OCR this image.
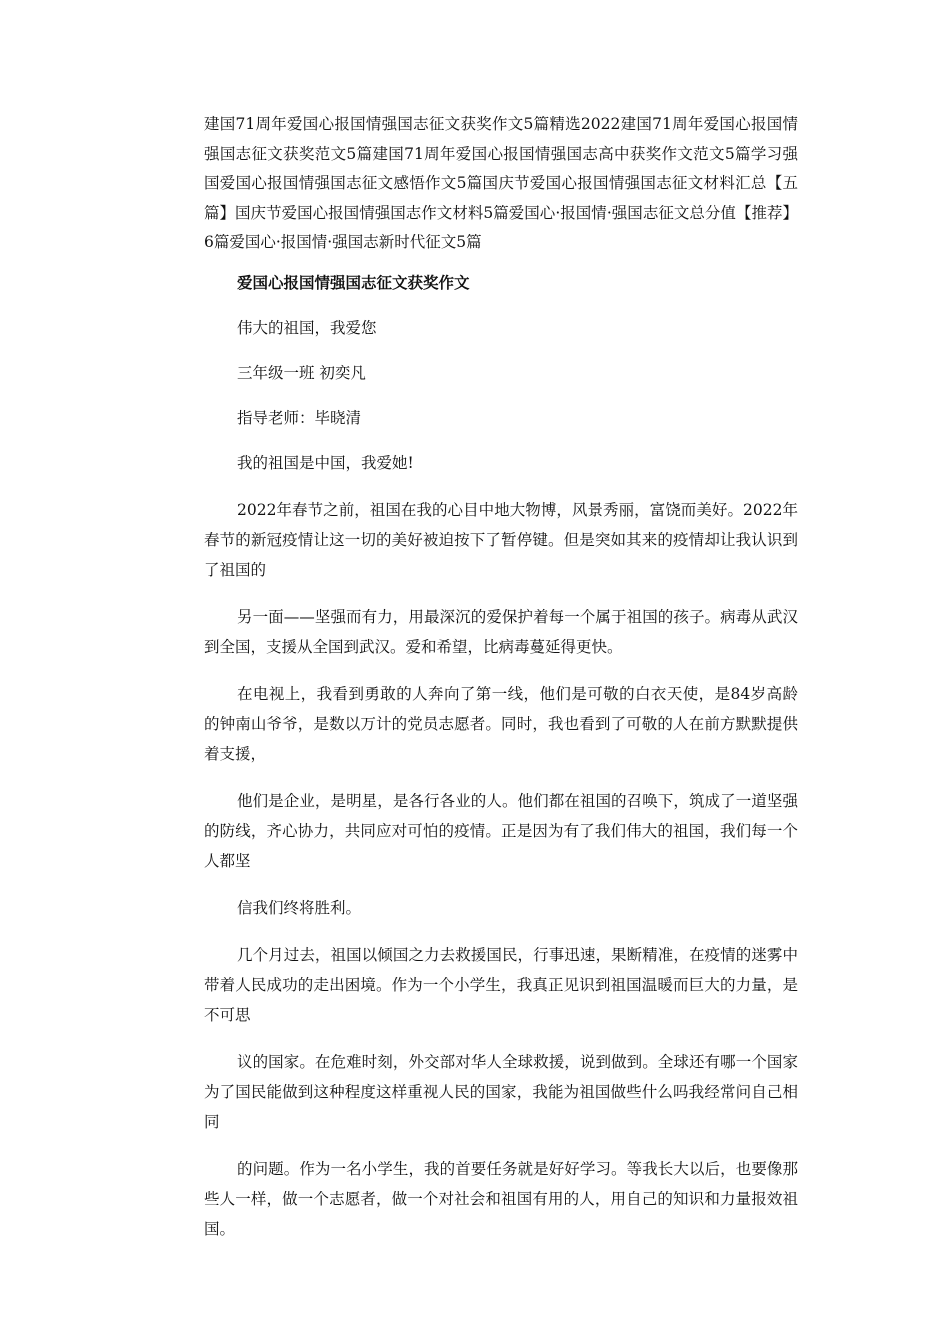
建国71周年爱国心报国情强国志征文获奖作文5篇精选2022建国71周年爱国心报国情强国志征文获奖范文5篇建国71周年爱国心报国情强国志高中获奖作文范文5篇学习强国爱国心报国情强国志征文感悟作文5篇国庆节爱国心报国情强国志征文材料汇总【五篇】国庆节爱国心报国情强国志作文材料5篇爱国心·报国情·强国志征文总分值【推荐】6篇爱国心·报国情·强国志新时代征文5篇

爱国心报国情强国志征文获奖作文

伟大的祖国，我爱您

三年级一班 初奕凡

指导老师：毕晓清

我的祖国是中国，我爱她!

2022年春节之前，祖国在我的心目中地大物博，风景秀丽，富饶而美好。2022年春节的新冠疫情让这一切的美好被迫按下了暂停键。但是突如其来的疫情却让我认识到了祖国的

另一面——坚强而有力，用最深沉的爱保护着每一个属于祖国的孩子。病毒从武汉到全国，支援从全国到武汉。爱和希望，比病毒蔓延得更快。

在电视上，我看到勇敢的人奔向了第一线，他们是可敬的白衣天使，是84岁高龄的钟南山爷爷，是数以万计的党员志愿者。同时，我也看到了可敬的人在前方默默提供着支援，

他们是企业，是明星，是各行各业的人。他们都在祖国的召唤下，筑成了一道坚强的防线，齐心协力，共同应对可怕的疫情。正是因为有了我们伟大的祖国，我们每一个人都坚

信我们终将胜利。

几个月过去，祖国以倾国之力去救援国民，行事迅速，果断精准，在疫情的迷雾中带着人民成功的走出困境。作为一个小学生，我真正见识到祖国温暖而巨大的力量，是不可思

议的国家。在危难时刻，外交部对华人全球救援，说到做到。全球还有哪一个国家为了国民能做到这种程度这样重视人民的国家，我能为祖国做些什么吗我经常问自己相同

的问题。作为一名小学生，我的首要任务就是好好学习。等我长大以后，也要像那些人一样，做一个志愿者，做一个对社会和祖国有用的人，用自己的知识和力量报效祖国。
